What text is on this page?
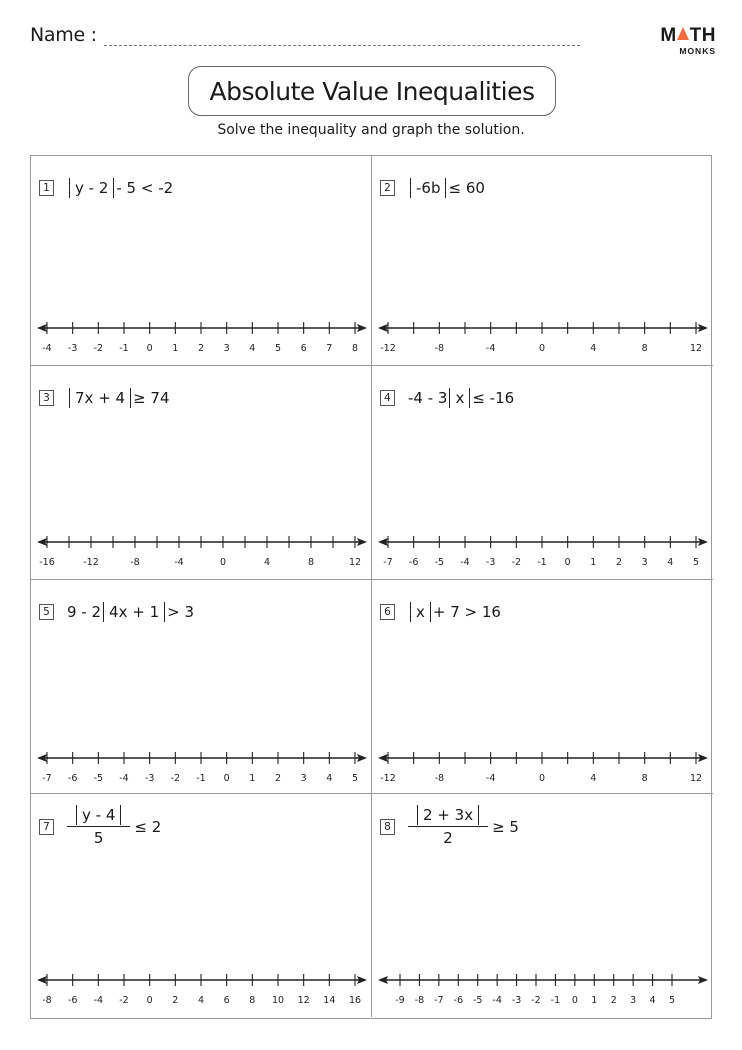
Name :	M TH
MONKS
Absolute Value Inequalities
Solve the inequality and graph the solution.
1	y - 2 - 5 < -2
-4 -3 -2 -1 0 1 2 3 4 5 6 7 8
2	-6b ≤ 60
-12	-8	-4	0	4	8	12
3	7x + 4 ≥ 74
-16	-12	-8	-4	0	4	8	12
4 -4 - 3 x ≤ -16
-7 -6 -5 -4 -3 -2 -1 0 1 2 3 4 5
5 9 - 2 4x + 1 > 3
-7 -6 -5 -4 -3 -2 -1 0 1 2 3 4 5
6	x + 7 > 16
-12	-8	-4	0	4	8	12
$7 \frac{y - 4}{5} \le 2$
-8 -6 -4 -2 0 2 4 6 8 10 12 14 16
$8 \frac{2 + 3x}{2} \ge 5$
-9 -8 -7 -6 -5 -4 -3 -2 -1 0 1 2 3 4 5
